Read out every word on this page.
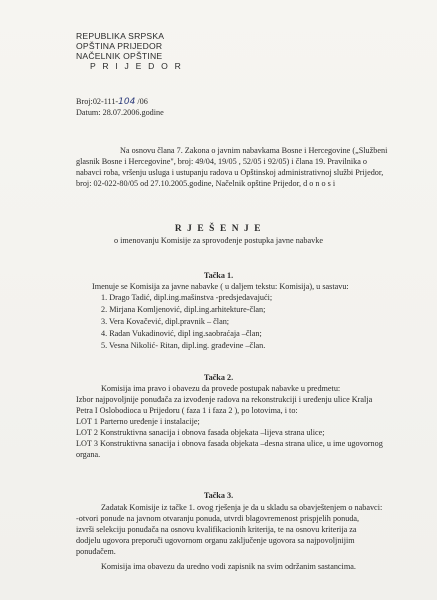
REPUBLIKA SRPSKA
OPŠTINA PRIJEDOR
NAČELNIK OPŠTINE
P R I J E D O R
Broj:02-111-104 /06
Datum: 28.07.2006.godine
Na osnovu člana 7. Zakona o javnim nabavkama Bosne i Hercegovine („Službeni
glasnik Bosne i Hercegovine", broj: 49/04, 19/05 , 52/05 i 92/05) i člana 19. Pravilnika o
nabavci roba, vršenju usluga i ustupanju radova u Opštinskoj administrativnoj službi Prijedor,
broj: 02-022-80/05 od 27.10.2005.godine, Načelnik opštine Prijedor, d o n o s i
R J E Š E N J E
o imenovanju Komisije za sprovođenje postupka javne nabavke
Tačka 1.
Imenuje se Komisija za javne nabavke ( u daljem tekstu: Komisija), u sastavu:
1. Drago Tadić, dipl.ing.mašinstva -predsjedavajući;
2. Mirjana Komljenović, dipl.ing.arhitekture-član;
3. Vera Kovačević, dipl.pravnik – član;
4. Radan Vukadinović, dipl ing.saobraćaja –član;
5. Vesna Nikolić- Ritan, dipl.ing. građevine –član.
Tačka 2.
Komisija ima pravo i obavezu da provede postupak nabavke u predmetu:
Izbor najpovoljnije ponuđača za izvođenje radova na rekonstrukciji i uređenju ulice Kralja
Petra I Oslobodioca u Prijedoru ( faza 1 i faza 2 ), po lotovima, i to:
LOT 1 Parterno uređenje i instalacije;
LOT 2 Konstruktivna sanacija i obnova fasada objekata –lijeva strana ulice;
LOT 3 Konstruktivna sanacija i obnova fasada objekata –desna strana ulice, u ime ugovornog
organa.
Tačka 3.
Zadatak Komisije iz tačke 1. ovog rješenja je da u skladu sa obavještenjem o nabavci:
-otvori ponude na javnom otvaranju ponuda, utvrdi blagovremenost prispjelih ponuda,
izvrši selekciju ponuđača na osnovu kvalifikacionih kriterija, te na osnovu kriterija za
dodjelu ugovora preporuči ugovornom organu zaključenje ugovora sa najpovoljnijim
ponuđačem.
Komisija ima obavezu da uredno vodi zapisnik na svim održanim sastancima.
